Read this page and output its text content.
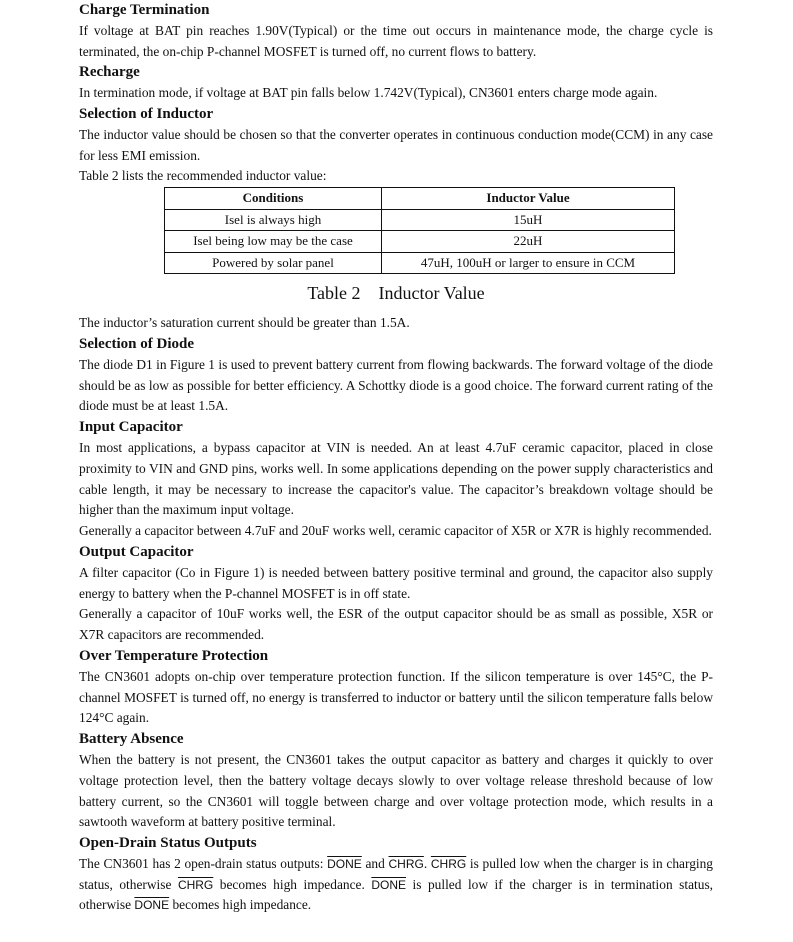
Charge Termination

If voltage at BAT pin reaches 1.90V(Typical) or the time out occurs in maintenance mode, the charge cycle is terminated, the on-chip P-channel MOSFET is turned off, no current flows to battery.

Recharge

In termination mode, if voltage at BAT pin falls below 1.742V(Typical), CN3601 enters charge mode again.

Selection of Inductor

The inductor value should be chosen so that the converter operates in continuous conduction mode(CCM) in any case for less EMI emission.

Table 2 lists the recommended inductor value:

Conditions	Inductor Value
Isel is always high	15uH
Isel being low may be the case	22uH
Powered by solar panel	47uH, 100uH or larger to ensure in CCM
Table 2    Inductor Value

The inductor’s saturation current should be greater than 1.5A.

Selection of Diode

The diode D1 in Figure 1 is used to prevent battery current from flowing backwards. The forward voltage of the diode should be as low as possible for better efficiency. A Schottky diode is a good choice. The forward current rating of the diode must be at least 1.5A.

Input Capacitor

In most applications, a bypass capacitor at VIN is needed. An at least 4.7uF ceramic capacitor, placed in close proximity to VIN and GND pins, works well. In some applications depending on the power supply characteristics and cable length, it may be necessary to increase the capacitor's value. The capacitor’s breakdown voltage should be higher than the maximum input voltage.

Generally a capacitor between 4.7uF and 20uF works well, ceramic capacitor of X5R or X7R is highly recommended.

Output Capacitor

A filter capacitor (Co in Figure 1) is needed between battery positive terminal and ground, the capacitor also supply energy to battery when the P-channel MOSFET is in off state.

Generally a capacitor of 10uF works well, the ESR of the output capacitor should be as small as possible, X5R or X7R capacitors are recommended.

Over Temperature Protection

The CN3601 adopts on-chip over temperature protection function. If the silicon temperature is over 145°C, the P-channel MOSFET is turned off, no energy is transferred to inductor or battery until the silicon temperature falls below 124°C again.

Battery Absence

When the battery is not present, the CN3601 takes the output capacitor as battery and charges it quickly to over voltage protection level, then the battery voltage decays slowly to over voltage release threshold because of low battery current, so the CN3601 will toggle between charge and over voltage protection mode, which results in a sawtooth waveform at battery positive terminal.

Open-Drain Status Outputs

The CN3601 has 2 open-drain status outputs: DONE and CHRG. CHRG is pulled low when the charger is in charging status, otherwise CHRG becomes high impedance. DONE is pulled low if the charger is in termination status, otherwise DONE becomes high impedance.
